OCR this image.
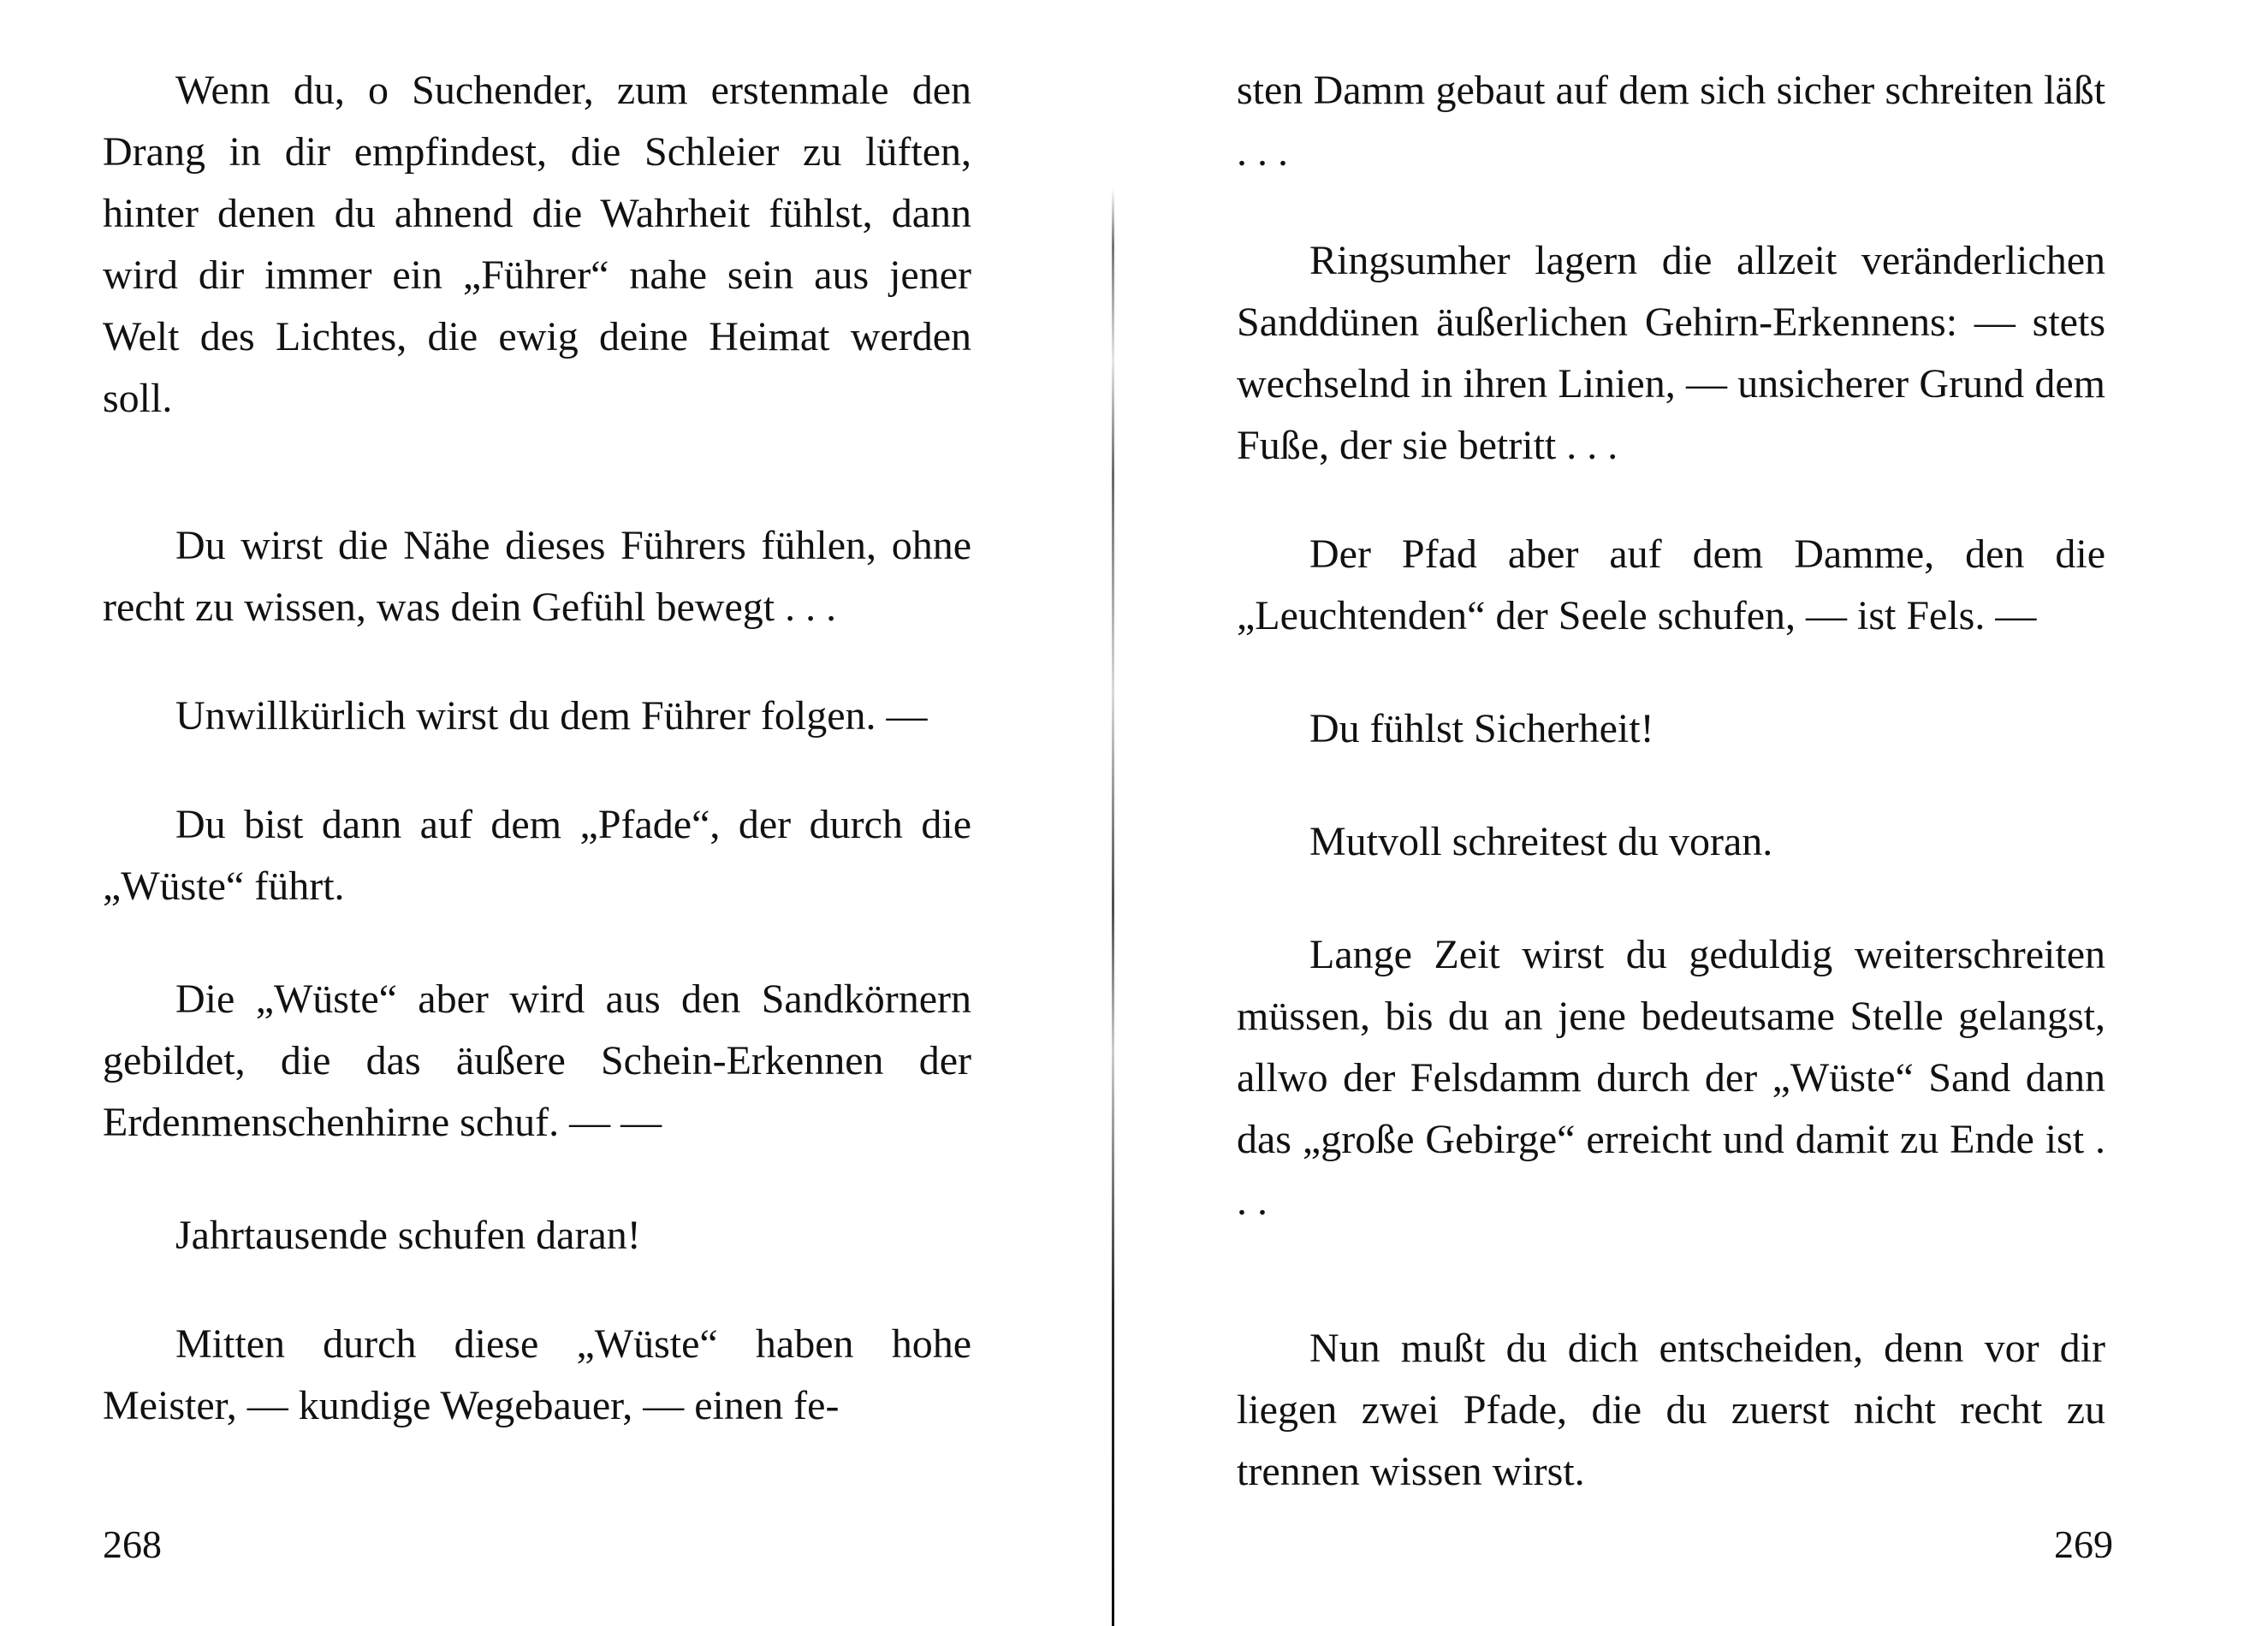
Wenn du, o Suchender, zum erstenmale den Drang in dir empfindest, die Schleier zu lüften, hinter denen du ahnend die Wahrheit fühlst, dann wird dir immer ein „Führer“ nahe sein aus jener Welt des Lichtes, die ewig deine Heimat werden soll.

Du wirst die Nähe dieses Führers fühlen, ohne recht zu wissen, was dein Gefühl bewegt . . .

Unwillkürlich wirst du dem Führer folgen. —

Du bist dann auf dem „Pfade“, der durch die „Wüste“ führt.

Die „Wüste“ aber wird aus den Sandkörnern gebildet, die das äußere Schein-Erkennen der Erdenmenschenhirne schuf. — —

Jahrtausende schufen daran!

Mitten durch diese „Wüste“ haben hohe Meister, — kundige Wegebauer, — einen fe-

268

sten Damm gebaut auf dem sich sicher schreiten läßt . . .

Ringsumher lagern die allzeit veränderlichen Sanddünen äußerlichen Gehirn-Erkennens: — stets wechselnd in ihren Linien, — unsicherer Grund dem Fuße, der sie betritt . . .

Der Pfad aber auf dem Damme, den die „Leuchtenden“ der Seele schufen, — ist Fels. —

Du fühlst Sicherheit!

Mutvoll schreitest du voran.

Lange Zeit wirst du geduldig weiterschreiten müssen, bis du an jene bedeutsame Stelle gelangst, allwo der Felsdamm durch der „Wüste“ Sand dann das „große Gebirge“ erreicht und damit zu Ende ist . . .

Nun mußt du dich entscheiden, denn vor dir liegen zwei Pfade, die du zuerst nicht recht zu trennen wissen wirst.

269
